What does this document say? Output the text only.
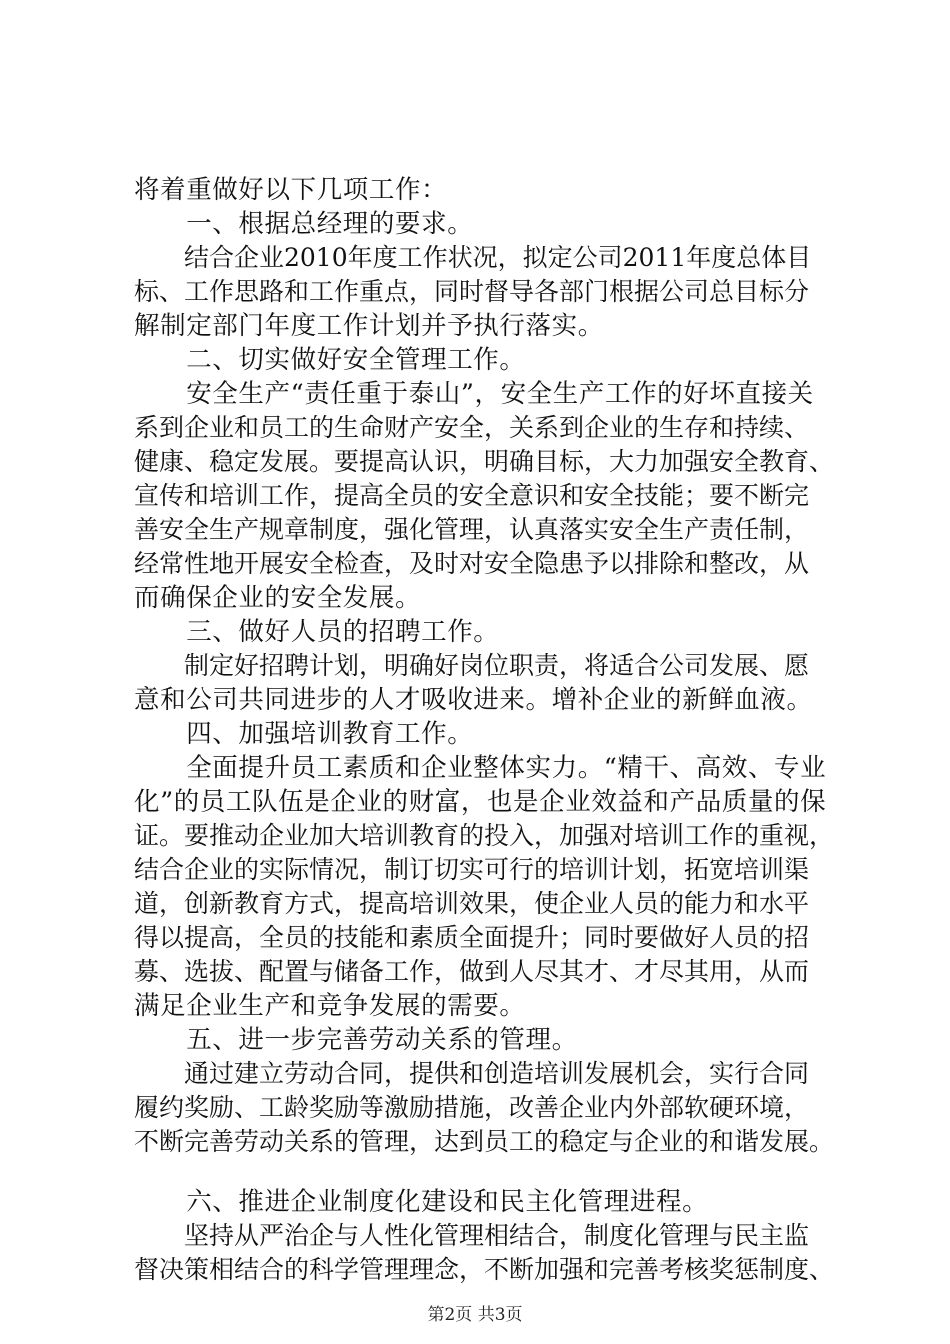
将着重做好以下几项工作：
　　一、根据总经理的要求。
　　结合企业2010年度工作状况，拟定公司2011年度总体目
标、工作思路和工作重点，同时督导各部门根据公司总目标分
解制定部门年度工作计划并予执行落实。
　　二、切实做好安全管理工作。
　　安全生产“责任重于泰山”，安全生产工作的好坏直接关
系到企业和员工的生命财产安全，关系到企业的生存和持续、
健康、稳定发展。要提高认识，明确目标，大力加强安全教育、
宣传和培训工作，提高全员的安全意识和安全技能；要不断完
善安全生产规章制度，强化管理，认真落实安全生产责任制，
经常性地开展安全检查，及时对安全隐患予以排除和整改，从
而确保企业的安全发展。
　　三、做好人员的招聘工作。
　　制定好招聘计划，明确好岗位职责，将适合公司发展、愿
意和公司共同进步的人才吸收进来。增补企业的新鲜血液。
　　四、加强培训教育工作。
　　全面提升员工素质和企业整体实力。“精干、高效、专业
化”的员工队伍是企业的财富，也是企业效益和产品质量的保
证。要推动企业加大培训教育的投入，加强对培训工作的重视，
结合企业的实际情况，制订切实可行的培训计划，拓宽培训渠
道，创新教育方式，提高培训效果，使企业人员的能力和水平
得以提高，全员的技能和素质全面提升；同时要做好人员的招
募、选拔、配置与储备工作，做到人尽其才、才尽其用，从而
满足企业生产和竞争发展的需要。
　　五、进一步完善劳动关系的管理。
　　通过建立劳动合同，提供和创造培训发展机会，实行合同
履约奖励、工龄奖励等激励措施，改善企业内外部软硬环境，
不断完善劳动关系的管理，达到员工的稳定与企业的和谐发展。
　　六、推进企业制度化建设和民主化管理进程。
　　坚持从严治企与人性化管理相结合，制度化管理与民主监
督决策相结合的科学管理理念，不断加强和完善考核奖惩制度、
第2页 共3页
